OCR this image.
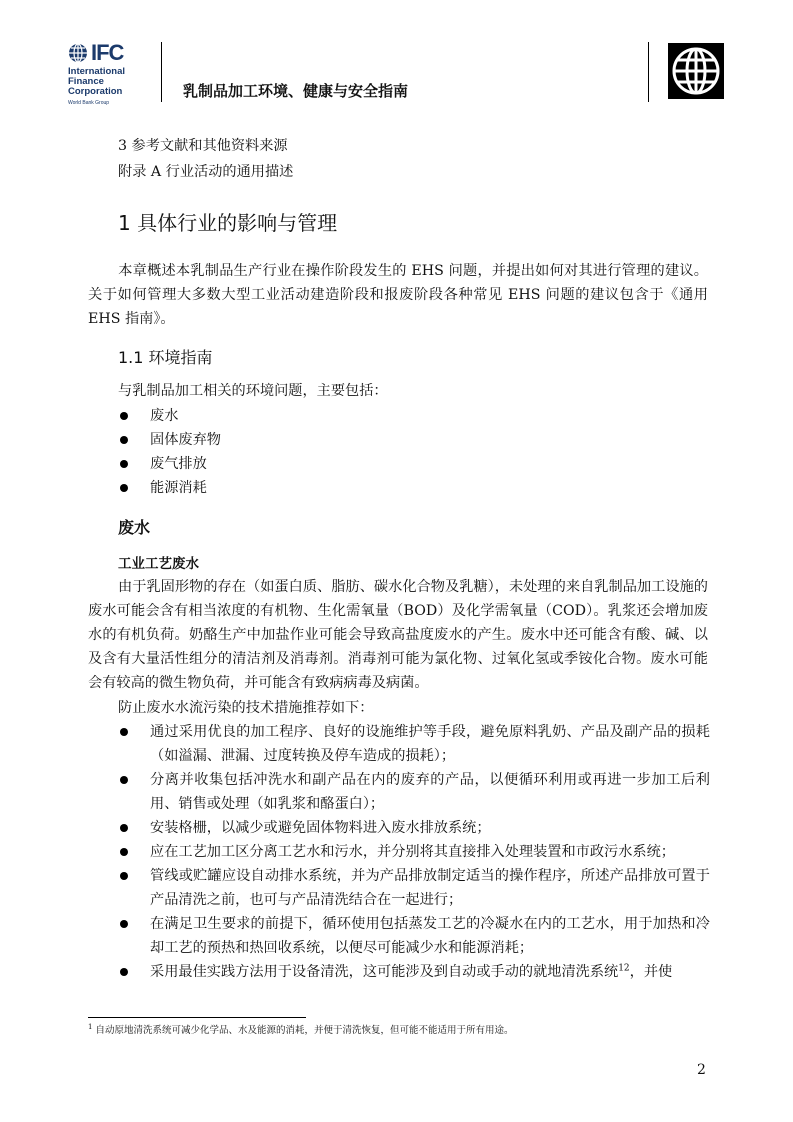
IFC
International
Finance
Corporation
World Bank Group
乳制品加工环境、健康与安全指南
3 参考文献和其他资料来源
附录 A 行业活动的通用描述
1 具体行业的影响与管理
本章概述本乳制品生产行业在操作阶段发生的 EHS 问题，并提出如何对其进行管理的建议。关于如何管理大多数大型工业活动建造阶段和报废阶段各种常见 EHS 问题的建议包含于《通用 EHS 指南》。
1.1 环境指南
与乳制品加工相关的环境问题，主要包括：
废水
固体废弃物
废气排放
能源消耗
废水
工业工艺废水
由于乳固形物的存在（如蛋白质、脂肪、碳水化合物及乳糖），未处理的来自乳制品加工设施的废水可能会含有相当浓度的有机物、生化需氧量（BOD）及化学需氧量（COD）。乳浆还会增加废水的有机负荷。奶酪生产中加盐作业可能会导致高盐度废水的产生。废水中还可能含有酸、碱、以及含有大量活性组分的清洁剂及消毒剂。消毒剂可能为氯化物、过氧化氢或季铵化合物。废水可能会有较高的微生物负荷，并可能含有致病病毒及病菌。
防止废水水流污染的技术措施推荐如下：
通过采用优良的加工程序、良好的设施维护等手段，避免原料乳奶、产品及副产品的损耗（如溢漏、泄漏、过度转换及停车造成的损耗）；
分离并收集包括冲洗水和副产品在内的废弃的产品，以便循环利用或再进一步加工后利用、销售或处理（如乳浆和酪蛋白）；
安装格栅，以减少或避免固体物料进入废水排放系统；
应在工艺加工区分离工艺水和污水，并分别将其直接排入处理装置和市政污水系统；
管线或贮罐应设自动排水系统，并为产品排放制定适当的操作程序，所述产品排放可置于产品清洗之前，也可与产品清洗结合在一起进行；
在满足卫生要求的前提下，循环使用包括蒸发工艺的冷凝水在内的工艺水，用于加热和冷却工艺的预热和热回收系统，以便尽可能减少水和能源消耗；
采用最佳实践方法用于设备清洗，这可能涉及到自动或手动的就地清洗系统$^{12}$，并使
$^1$ 自动原地清洗系统可减少化学品、水及能源的消耗，并便于清洗恢复，但可能不能适用于所有用途。
2
